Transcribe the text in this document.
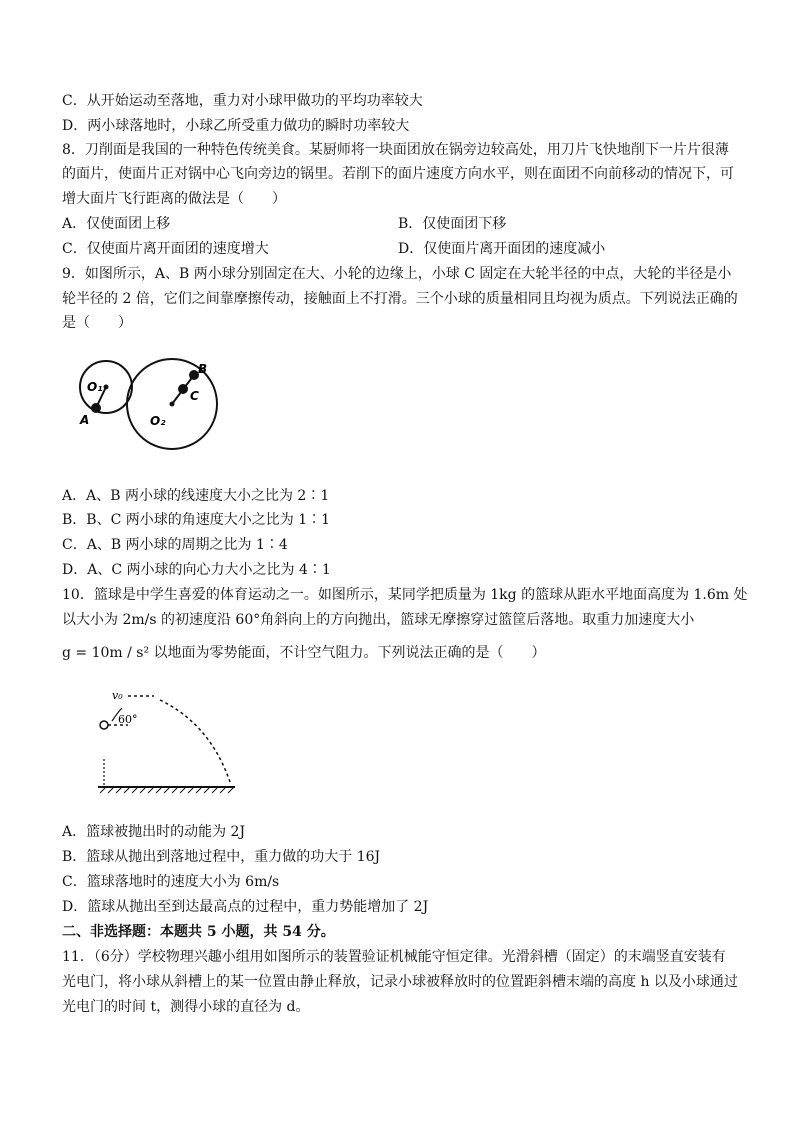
C．从开始运动至落地，重力对小球甲做功的平均功率较大
D．两小球落地时，小球乙所受重力做功的瞬时功率较大
8．刀削面是我国的一种特色传统美食。某厨师将一块面团放在锅旁边较高处，用刀片飞快地削下一片片很薄
的面片，使面片正对锅中心飞向旁边的锅里。若削下的面片速度方向水平，则在面团不向前移动的情况下，可
增大面片飞行距离的做法是（　　）
A．仅使面团上移	B．仅使面团下移
C．仅使面片离开面团的速度增大	D．仅使面片离开面团的速度减小
9．如图所示，A、B 两小球分别固定在大、小轮的边缘上，小球 C 固定在大轮半径的中点，大轮的半径是小
轮半径的 2 倍，它们之间靠摩擦传动，接触面上不打滑。三个小球的质量相同且均视为质点。下列说法正确的
是（　　）
O₁
O₂
A
B
C
A．A、B 两小球的线速度大小之比为 2∶1
B．B、C 两小球的角速度大小之比为 1∶1
C．A、B 两小球的周期之比为 1∶4
D．A、C 两小球的向心力大小之比为 4∶1
10．篮球是中学生喜爱的体育运动之一。如图所示，某同学把质量为 1kg 的篮球从距水平地面高度为 1.6m 处
以大小为 2m/s 的初速度沿 60°角斜向上的方向抛出，篮球无摩擦穿过篮筐后落地。取重力加速度大小
g = 10m / s² 以地面为零势能面，不计空气阻力。下列说法正确的是（　　）
v₀
60°
A．篮球被抛出时的动能为 2J
B．篮球从抛出到落地过程中，重力做的功大于 16J
C．篮球落地时的速度大小为 6m/s
D．篮球从抛出至到达最高点的过程中，重力势能增加了 2J
二、非选择题：本题共 5 小题，共 54 分。
11．（6分）学校物理兴趣小组用如图所示的装置验证机械能守恒定律。光滑斜槽（固定）的末端竖直安装有
光电门，将小球从斜槽上的某一位置由静止释放，记录小球被释放时的位置距斜槽末端的高度 h 以及小球通过
光电门的时间 t，测得小球的直径为 d。
